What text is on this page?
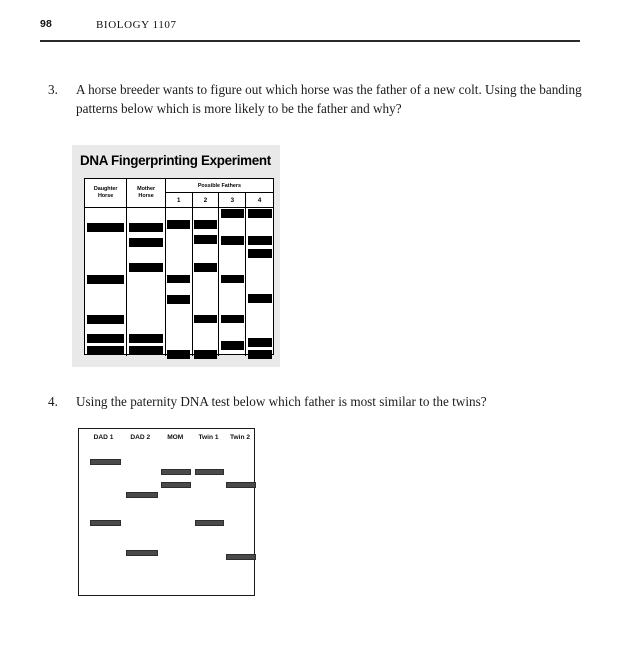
98	BIOLOGY 1107
3.	A horse breeder wants to figure out which horse was the father of a new colt. Using the banding patterns below which is more likely to be the father and why?
DNA Fingerprinting Experiment
Daughter
Horse
Mother
Horse
Possible Fathers
1	2	3	4
4.	Using the paternity DNA test below which father is most similar to the twins?
DAD 1	DAD 2	MOM	Twin 1	Twin 2
